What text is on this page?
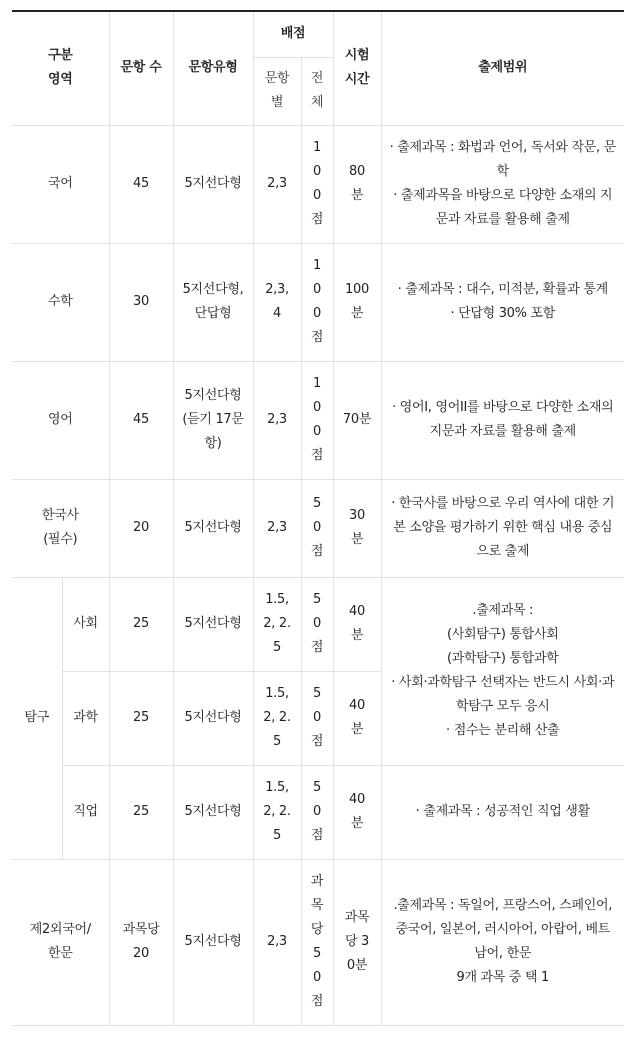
구분 영역		문항 수	문항유형	배점		시험 시간	출제범위

				문항별	전체		
국어		45	5지선다형	2,3	100점	80분	· 출제과목 : 화법과 언어, 독서와 작문, 문학
· 출제과목을 바탕으로 다양한 소재의 지문과 자료를 활용해 출제

수학		30	5지선다형, 단답형	2,3,4	100점	100분	· 출제과목 : 대수, 미적분, 확률과 통계
· 단답형 30% 포함

영어		45	5지선다형 (듣기 17문항)	2,3	100점	70분	· 영어I, 영어II를 바탕으로 다양한 소재의 지문과 자료를 활용해 출제

한국사 (필수)		20	5지선다형	2,3	50점	30분	· 한국사를 바탕으로 우리 역사에 대한 기본 소양을 평가하기 위한 핵심 내용 중심으로 출제

탐구	사회	25	5지선다형	1.5, 2, 2.5	50점	40분	.출제과목 :
(사회탐구) 통합사회
(과학탐구) 통합과학
· 사회·과학탐구 선택자는 반드시 사회·과학탐구 모두 응시
· 점수는 분리해 산출

	과학	25	5지선다형	1.5, 2, 2.5	50점	40분	

	직업	25	5지선다형	1.5, 2, 2.5	50점	40분	· 출제과목 : 성공적인 직업 생활

제2외국어/ 한문		과목당 20	5지선다형	2,3	과목당50점	과목당 30분	.출제과목 : 독일어, 프랑스어, 스페인어, 중국어, 일본어, 러시아어, 아랍어, 베트남어, 한문
9개 과목 중 택 1
